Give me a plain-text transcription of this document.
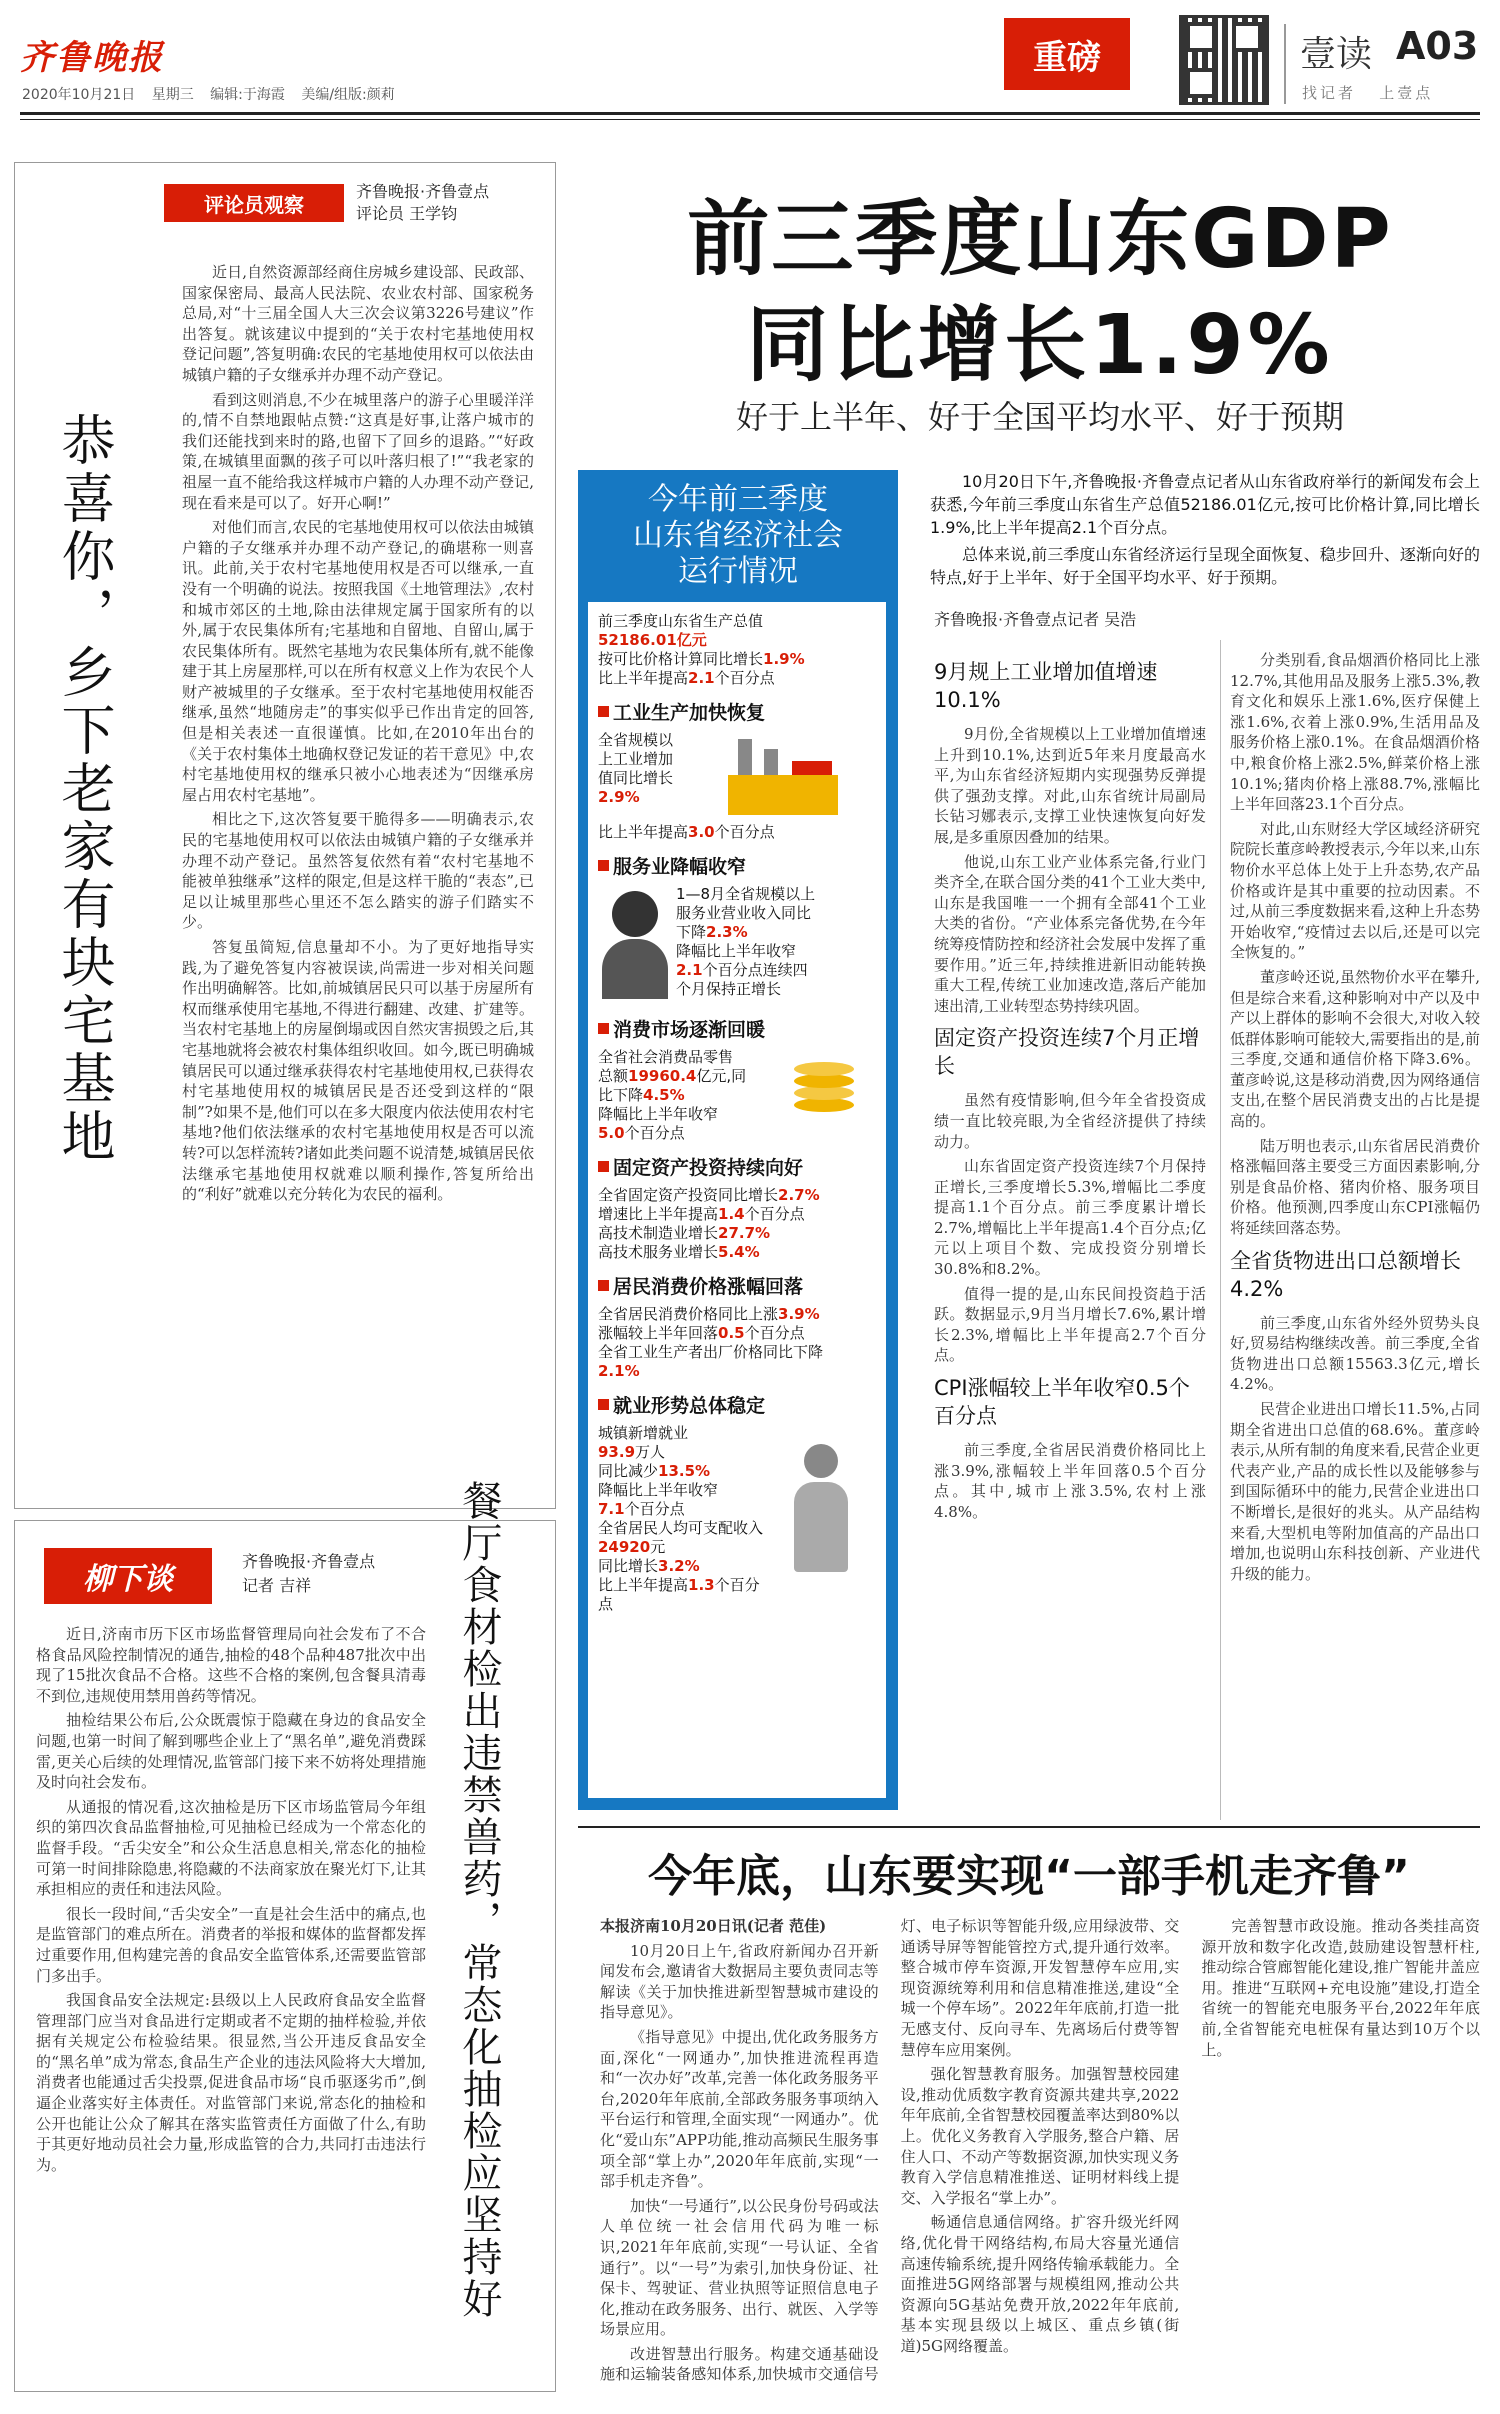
齐鲁晚报
2020年10月21日 星期三 编辑:于海霞 美编/组版:颜莉
重磅	壹读 A03
找记者   上壹点
评论员观察
齐鲁晚报·齐鲁壹点
评论员 王学钧
恭喜你，乡下老家有块宅基地

近日,自然资源部经商住房城乡建设部、民政部、国家保密局、最高人民法院、农业农村部、国家税务总局,对“十三届全国人大三次会议第3226号建议”作出答复。就该建议中提到的“关于农村宅基地使用权登记问题”,答复明确:农民的宅基地使用权可以依法由城镇户籍的子女继承并办理不动产登记。

看到这则消息,不少在城里落户的游子心里暖洋洋的,情不自禁地跟帖点赞:“这真是好事,让落户城市的我们还能找到来时的路,也留下了回乡的退路。”“好政策,在城镇里面飘的孩子可以叶落归根了!”“我老家的祖屋一直不能给我这样城市户籍的人办理不动产登记,现在看来是可以了。好开心啊!”

对他们而言,农民的宅基地使用权可以依法由城镇户籍的子女继承并办理不动产登记,的确堪称一则喜讯。此前,关于农村宅基地使用权是否可以继承,一直没有一个明确的说法。按照我国《土地管理法》,农村和城市郊区的土地,除由法律规定属于国家所有的以外,属于农民集体所有;宅基地和自留地、自留山,属于农民集体所有。既然宅基地为农民集体所有,就不能像建于其上房屋那样,可以在所有权意义上作为农民个人财产被城里的子女继承。至于农村宅基地使用权能否继承,虽然“地随房走”的事实似乎已作出肯定的回答,但是相关表述一直很谨慎。比如,在2010年出台的《关于农村集体土地确权登记发证的若干意见》中,农村宅基地使用权的继承只被小心地表述为“因继承房屋占用农村宅基地”。

相比之下,这次答复要干脆得多——明确表示,农民的宅基地使用权可以依法由城镇户籍的子女继承并办理不动产登记。虽然答复依然有着“农村宅基地不能被单独继承”这样的限定,但是这样干脆的“表态”,已足以让城里那些心里还不怎么踏实的游子们踏实不少。

答复虽简短,信息量却不小。为了更好地指导实践,为了避免答复内容被误读,尚需进一步对相关问题作出明确解答。比如,前城镇居民只可以基于房屋所有权而继承使用宅基地,不得进行翻建、改建、扩建等。当农村宅基地上的房屋倒塌或因自然灾害损毁之后,其宅基地就将会被农村集体组织收回。如今,既已明确城镇居民可以通过继承获得农村宅基地使用权,已获得农村宅基地使用权的城镇居民是否还受到这样的“限制”?如果不是,他们可以在多大限度内依法使用农村宅基地?他们依法继承的农村宅基地使用权是否可以流转?可以怎样流转?诸如此类问题不说清楚,城镇居民依法继承宅基地使用权就难以顺利操作,答复所给出的“利好”就难以充分转化为农民的福利。

柳下谈
齐鲁晚报·齐鲁壹点
记者 吉祥

近日,济南市历下区市场监督管理局向社会发布了不合格食品风险控制情况的通告,抽检的48个品种487批次中出现了15批次食品不合格。这些不合格的案例,包含餐具清毒不到位,违规使用禁用兽药等情况。

抽检结果公布后,公众既震惊于隐藏在身边的食品安全问题,也第一时间了解到哪些企业上了“黑名单”,避免消费踩雷,更关心后续的处理情况,监管部门接下来不妨将处理措施及时向社会发布。

从通报的情况看,这次抽检是历下区市场监管局今年组织的第四次食品监督抽检,可见抽检已经成为一个常态化的监督手段。“舌尖安全”和公众生活息息相关,常态化的抽检可第一时间排除隐患,将隐藏的不法商家放在聚光灯下,让其承担相应的责任和违法风险。

很长一段时间,“舌尖安全”一直是社会生活中的痛点,也是监管部门的难点所在。消费者的举报和媒体的监督都发挥过重要作用,但构建完善的食品安全监管体系,还需要监管部门多出手。

我国食品安全法规定:县级以上人民政府食品安全监督管理部门应当对食品进行定期或者不定期的抽样检验,并依据有关规定公布检验结果。很显然,当公开违反食品安全的“黑名单”成为常态,食品生产企业的违法风险将大大增加,消费者也能通过舌尖投票,促进食品市场“良币驱逐劣币”,倒逼企业落实好主体责任。对监管部门来说,常态化的抽检和公开也能让公众了解其在落实监管责任方面做了什么,有助于其更好地动员社会力量,形成监管的合力,共同打击违法行为。	餐厅食材检出违禁兽药，常态化抽检应坚持好
前三季度山东GDP
同比增长1.9%
好于上半年、好于全国平均水平、好于预期
今年前三季度
山东省经济社会
运行情况
前三季度山东省生产总值
52186.01亿元
按可比价格计算同比增长1.9%
比上半年提高2.1个百分点
工业生产加快恢复
全省规模以
上工业增加
值同比增长
2.9%
比上半年提高3.0个百分点
服务业降幅收窄
1—8月全省规模以上
服务业营业收入同比
下降2.3%
降幅比上半年收窄
2.1个百分点连续四
个月保持正增长
消费市场逐渐回暖
全省社会消费品零售
总额19960.4亿元,同
比下降4.5%
降幅比上半年收窄
5.0个百分点
固定资产投资持续向好
全省固定资产投资同比增长2.7%
增速比上半年提高1.4个百分点
高技术制造业增长27.7%
高技术服务业增长5.4%
居民消费价格涨幅回落
全省居民消费价格同比上涨3.9%
涨幅较上半年回落0.5个百分点
全省工业生产者出厂价格同比下降
2.1%
就业形势总体稳定
城镇新增就业
93.9万人
同比减少13.5%
降幅比上半年收窄
7.1个百分点
全省居民人均可支配收入
24920元
同比增长3.2%
比上半年提高1.3个百分点

10月20日下午,齐鲁晚报·齐鲁壹点记者从山东省政府举行的新闻发布会上获悉,今年前三季度山东省生产总值52186.01亿元,按可比价格计算,同比增长1.9%,比上半年提高2.1个百分点。

总体来说,前三季度山东省经济运行呈现全面恢复、稳步回升、逐渐向好的特点,好于上半年、好于全国平均水平、好于预期。

齐鲁晚报·齐鲁壹点记者 吴浩
9月规上工业增加值增速10.1%

9月份,全省规模以上工业增加值增速上升到10.1%,达到近5年来月度最高水平,为山东省经济短期内实现强势反弹提供了强劲支撑。对此,山东省统计局副局长钻习娜表示,支撑工业快速恢复向好发展,是多重原因叠加的结果。

他说,山东工业产业体系完备,行业门类齐全,在联合国分类的41个工业大类中,山东是我国唯一一个拥有全部41个工业大类的省份。“产业体系完备优势,在今年统筹疫情防控和经济社会发展中发挥了重要作用。”近三年,持续推进新旧动能转换重大工程,传统工业加速改造,落后产能加速出清,工业转型态势持续巩固。

固定资产投资连续7个月正增长

虽然有疫情影响,但今年全省投资成绩一直比较亮眼,为全省经济提供了持续动力。

山东省固定资产投资连续7个月保持正增长,三季度增长5.3%,增幅比二季度提高1.1个百分点。前三季度累计增长2.7%,增幅比上半年提高1.4个百分点;亿元以上项目个数、完成投资分别增长30.8%和8.2%。

值得一提的是,山东民间投资趋于活跃。数据显示,9月当月增长7.6%,累计增长2.3%,增幅比上半年提高2.7个百分点。

CPI涨幅较上半年收窄0.5个百分点

前三季度,全省居民消费价格同比上涨3.9%,涨幅较上半年回落0.5个百分点。其中,城市上涨3.5%,农村上涨4.8%。

分类别看,食品烟酒价格同比上涨12.7%,其他用品及服务上涨5.3%,教育文化和娱乐上涨1.6%,医疗保健上涨1.6%,衣着上涨0.9%,生活用品及服务价格上涨0.1%。在食品烟酒价格中,粮食价格上涨2.5%,鲜菜价格上涨10.1%;猪肉价格上涨88.7%,涨幅比上半年回落23.1个百分点。

对此,山东财经大学区域经济研究院院长董彦岭教授表示,今年以来,山东物价水平总体上处于上升态势,农产品价格或许是其中重要的拉动因素。不过,从前三季度数据来看,这种上升态势开始收窄,“疫情过去以后,还是可以完全恢复的。”

董彦岭还说,虽然物价水平在攀升,但是综合来看,这种影响对中产以及中产以上群体的影响不会很大,对收入较低群体影响可能较大,需要指出的是,前三季度,交通和通信价格下降3.6%。董彦岭说,这是移动消费,因为网络通信支出,在整个居民消费支出的占比是提高的。

陆万明也表示,山东省居民消费价格涨幅回落主要受三方面因素影响,分别是食品价格、猪肉价格、服务项目价格。他预测,四季度山东CPI涨幅仍将延续回落态势。

全省货物进出口总额增长4.2%

前三季度,山东省外经外贸势头良好,贸易结构继续改善。前三季度,全省货物进出口总额15563.3亿元,增长4.2%。

民营企业进出口增长11.5%,占同期全省进出口总值的68.6%。董彦岭表示,从所有制的角度来看,民营企业更代表产业,产品的成长性以及能够参与到国际循环中的能力,民营企业进出口不断增长,是很好的兆头。从产品结构来看,大型机电等附加值高的产品出口增加,也说明山东科技创新、产业进代升级的能力。

今年底，山东要实现“一部手机走齐鲁”

本报济南10月20日讯(记者 范佳)

10月20日上午,省政府新闻办召开新闻发布会,邀请省大数据局主要负责同志等解读《关于加快推进新型智慧城市建设的指导意见》。

《指导意见》中提出,优化政务服务方面,深化“一网通办”,加快推进流程再造和“一次办好”改革,完善一体化政务服务平台,2020年年底前,全部政务服务事项纳入平台运行和管理,全面实现“一网通办”。优化“爱山东”APP功能,推动高频民生服务事项全部“掌上办”,2020年年底前,实现“一部手机走齐鲁”。

加快“一号通行”,以公民身份号码或法人单位统一社会信用代码为唯一标识,2021年年底前,实现“一号认证、全省通行”。以“一号”为索引,加快身份证、社保卡、驾驶证、营业执照等证照信息电子化,推动在政务服务、出行、就医、入学等场景应用。

改进智慧出行服务。构建交通基础设施和运输装备感知体系,加快城市交通信号灯、电子标识等智能升级,应用绿波带、交通诱导屏等智能管控方式,提升通行效率。整合城市停车资源,开发智慧停车应用,实现资源统筹利用和信息精准推送,建设“全城一个停车场”。2022年年底前,打造一批无感支付、反向寻车、先离场后付费等智慧停车应用案例。

强化智慧教育服务。加强智慧校园建设,推动优质数字教育资源共建共享,2022年年底前,全省智慧校园覆盖率达到80%以上。优化义务教育入学服务,整合户籍、居住人口、不动产等数据资源,加快实现义务教育入学信息精准推送、证明材料线上提交、入学报名“掌上办”。

畅通信息通信网络。扩容升级光纤网络,优化骨干网络结构,布局大容量光通信高速传输系统,提升网络传输承载能力。全面推进5G网络部署与规模组网,推动公共资源向5G基站免费开放,2022年年底前,基本实现县级以上城区、重点乡镇(街道)5G网络覆盖。

完善智慧市政设施。推动各类挂高资源开放和数字化改造,鼓励建设智慧杆柱,推动综合管廊智能化建设,推广智能井盖应用。推进“互联网+充电设施”建设,打造全省统一的智能充电服务平台,2022年年底前,全省智能充电桩保有量达到10万个以上。
